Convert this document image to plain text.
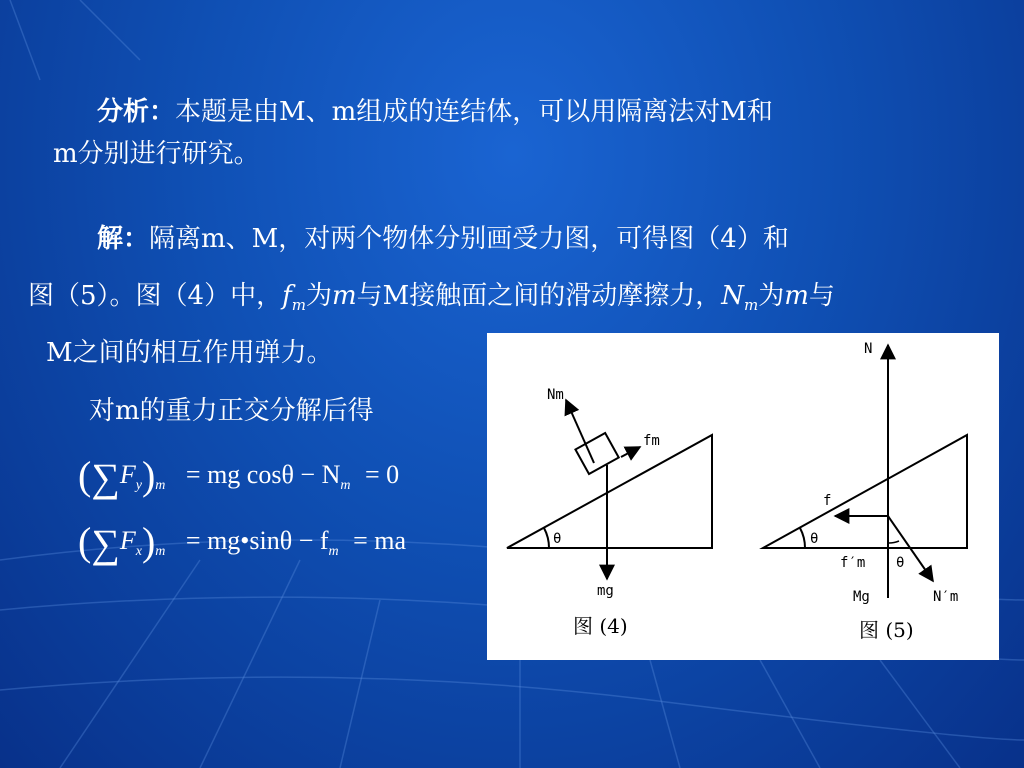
分析：本题是由M、m组成的连结体，可以用隔离法对M和
m分别进行研究。
解：隔离m、M，对两个物体分别画受力图，可得图（4）和
图（5）。图（4）中，$f_m$为m与M接触面之间的滑动摩擦力，$N_m$为m与
M之间的相互作用弹力。
对m的重力正交分解后得
$(\sum F_y)_m$ = mg $\cos\theta - N_m = 0$
$(\sum F_x)_m$ = mg•sinθ − $f_m$ = ma
Nm
fm
θ
mg
图 (4)
N
f
θ
f′m θ
Mg	N′m
图 (5)
